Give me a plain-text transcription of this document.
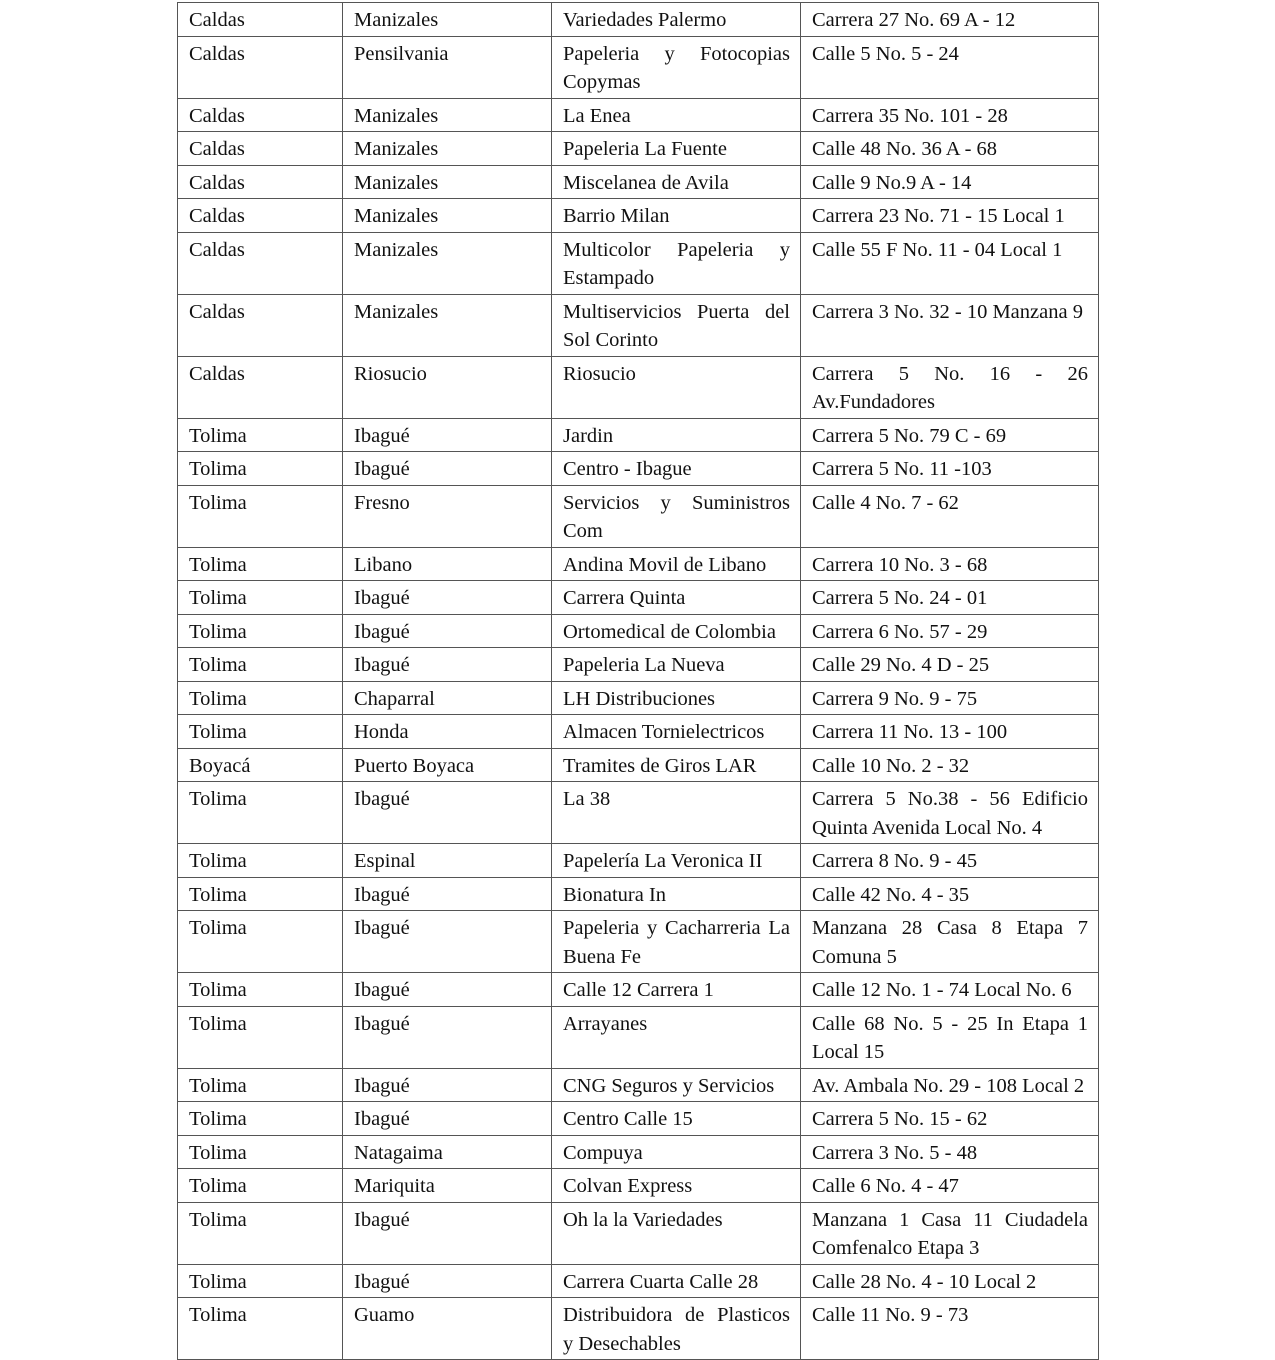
Caldas	Manizales	Variedades Palermo	Carrera 27 No. 69 A - 12
Caldas	Pensilvania	Papeleria y Fotocopias Copymas	Calle 5 No. 5 - 24
Caldas	Manizales	La Enea	Carrera 35 No. 101 - 28
Caldas	Manizales	Papeleria La Fuente	Calle 48 No. 36 A - 68
Caldas	Manizales	Miscelanea de Avila	Calle 9 No.9 A - 14
Caldas	Manizales	Barrio Milan	Carrera 23 No. 71 - 15 Local 1
Caldas	Manizales	Multicolor Papeleria y Estampado	Calle 55 F No. 11 - 04 Local 1
Caldas	Manizales	Multiservicios Puerta del Sol Corinto	Carrera 3 No. 32 - 10 Manzana 9
Caldas	Riosucio	Riosucio	Carrera 5 No. 16 - 26 Av.Fundadores
Tolima	Ibagué	Jardin	Carrera 5 No. 79 C - 69
Tolima	Ibagué	Centro - Ibague	Carrera 5 No. 11 -103
Tolima	Fresno	Servicios y Suministros Com	Calle 4 No. 7 - 62
Tolima	Libano	Andina Movil de Libano	Carrera 10 No. 3 - 68
Tolima	Ibagué	Carrera Quinta	Carrera 5 No. 24 - 01
Tolima	Ibagué	Ortomedical de Colombia	Carrera 6 No. 57 - 29
Tolima	Ibagué	Papeleria La Nueva	Calle 29 No. 4 D - 25
Tolima	Chaparral	LH Distribuciones	Carrera 9 No. 9 - 75
Tolima	Honda	Almacen Tornielectricos	Carrera 11 No. 13 - 100
Boyacá	Puerto Boyaca	Tramites de Giros LAR	Calle 10 No. 2 - 32
Tolima	Ibagué	La 38	Carrera 5 No.38 - 56 Edificio Quinta Avenida Local No. 4
Tolima	Espinal	Papelería La Veronica II	Carrera 8 No. 9 - 45
Tolima	Ibagué	Bionatura In	Calle 42 No. 4 - 35
Tolima	Ibagué	Papeleria y Cacharreria La Buena Fe	Manzana 28 Casa 8 Etapa 7 Comuna 5
Tolima	Ibagué	Calle 12 Carrera 1	Calle 12 No. 1 - 74 Local No. 6
Tolima	Ibagué	Arrayanes	Calle 68 No. 5 - 25 In Etapa 1 Local 15
Tolima	Ibagué	CNG Seguros y Servicios	Av. Ambala No. 29 - 108 Local 2
Tolima	Ibagué	Centro Calle 15	Carrera 5 No. 15 - 62
Tolima	Natagaima	Compuya	Carrera 3 No. 5 - 48
Tolima	Mariquita	Colvan Express	Calle 6 No. 4 - 47
Tolima	Ibagué	Oh la la Variedades	Manzana 1 Casa 11 Ciudadela Comfenalco Etapa 3
Tolima	Ibagué	Carrera Cuarta Calle 28	Calle 28 No. 4 - 10 Local 2
Tolima	Guamo	Distribuidora de Plasticos y Desechables	Calle 11 No. 9 - 73
